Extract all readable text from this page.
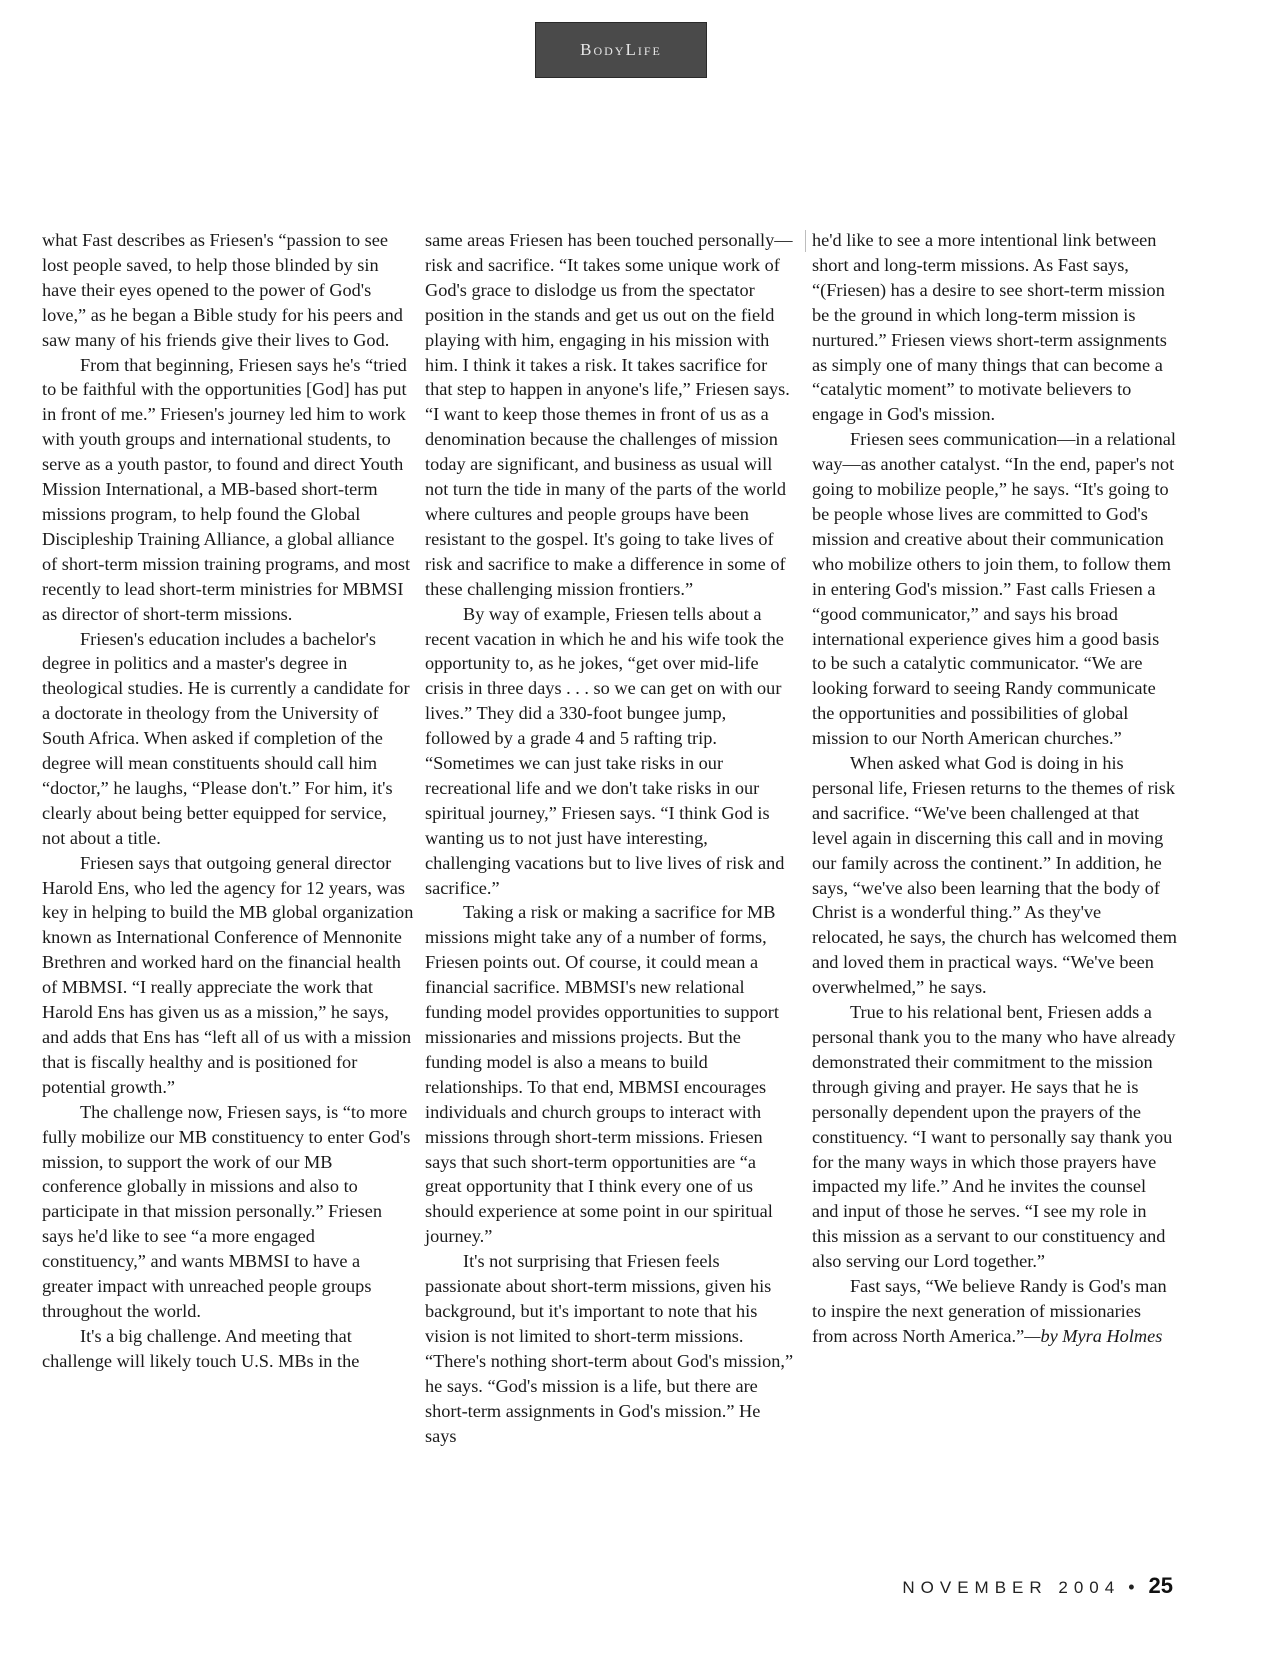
BodyLife

what Fast describes as Friesen's “passion to see lost people saved, to help those blinded by sin have their eyes opened to the power of God's love,” as he began a Bible study for his peers and saw many of his friends give their lives to God.

From that beginning, Friesen says he's “tried to be faithful with the opportunities [God] has put in front of me.” Friesen's journey led him to work with youth groups and international students, to serve as a youth pastor, to found and direct Youth Mission International, a MB-based short-term missions program, to help found the Global Discipleship Training Alliance, a global alliance of short-term mission training programs, and most recently to lead short-term ministries for MBMSI as director of short-term missions.

Friesen's education includes a bachelor's degree in politics and a master's degree in theological studies. He is currently a candidate for a doctorate in theology from the University of South Africa. When asked if completion of the degree will mean constituents should call him “doctor,” he laughs, “Please don't.” For him, it's clearly about being better equipped for service, not about a title.

Friesen says that outgoing general director Harold Ens, who led the agency for 12 years, was key in helping to build the MB global organization known as International Conference of Mennonite Brethren and worked hard on the financial health of MBMSI. “I really appreciate the work that Harold Ens has given us as a mission,” he says, and adds that Ens has “left all of us with a mission that is fiscally healthy and is positioned for potential growth.”

The challenge now, Friesen says, is “to more fully mobilize our MB constituency to enter God's mission, to support the work of our MB conference globally in missions and also to participate in that mission personally.” Friesen says he'd like to see “a more engaged constituency,” and wants MBMSI to have a greater impact with unreached people groups throughout the world.

It's a big challenge. And meeting that challenge will likely touch U.S. MBs in the

same areas Friesen has been touched personally—risk and sacrifice. “It takes some unique work of God's grace to dislodge us from the spectator position in the stands and get us out on the field playing with him, engaging in his mission with him. I think it takes a risk. It takes sacrifice for that step to happen in anyone's life,” Friesen says. “I want to keep those themes in front of us as a denomination because the challenges of mission today are significant, and business as usual will not turn the tide in many of the parts of the world where cultures and people groups have been resistant to the gospel. It's going to take lives of risk and sacrifice to make a difference in some of these challenging mission frontiers.”

By way of example, Friesen tells about a recent vacation in which he and his wife took the opportunity to, as he jokes, “get over mid-life crisis in three days . . . so we can get on with our lives.” They did a 330-foot bungee jump, followed by a grade 4 and 5 rafting trip. “Sometimes we can just take risks in our recreational life and we don't take risks in our spiritual journey,” Friesen says. “I think God is wanting us to not just have interesting, challenging vacations but to live lives of risk and sacrifice.”

Taking a risk or making a sacrifice for MB missions might take any of a number of forms, Friesen points out. Of course, it could mean a financial sacrifice. MBMSI's new relational funding model provides opportunities to support missionaries and missions projects. But the funding model is also a means to build relationships. To that end, MBMSI encourages individuals and church groups to interact with missions through short-term missions. Friesen says that such short-term opportunities are “a great opportunity that I think every one of us should experience at some point in our spiritual journey.”

It's not surprising that Friesen feels passionate about short-term missions, given his background, but it's important to note that his vision is not limited to short-term missions. “There's nothing short-term about God's mission,” he says. “God's mission is a life, but there are short-term assignments in God's mission.” He says

he'd like to see a more intentional link between short and long-term missions. As Fast says, “(Friesen) has a desire to see short-term mission be the ground in which long-term mission is nurtured.” Friesen views short-term assignments as simply one of many things that can become a “catalytic moment” to motivate believers to engage in God's mission.

Friesen sees communication—in a relational way—as another catalyst. “In the end, paper's not going to mobilize people,” he says. “It's going to be people whose lives are committed to God's mission and creative about their communication who mobilize others to join them, to follow them in entering God's mission.” Fast calls Friesen a “good communicator,” and says his broad international experience gives him a good basis to be such a catalytic communicator. “We are looking forward to seeing Randy communicate the opportunities and possibilities of global mission to our North American churches.”

When asked what God is doing in his personal life, Friesen returns to the themes of risk and sacrifice. “We've been challenged at that level again in discerning this call and in moving our family across the continent.” In addition, he says, “we've also been learning that the body of Christ is a wonderful thing.” As they've relocated, he says, the church has welcomed them and loved them in practical ways. “We've been overwhelmed,” he says.

True to his relational bent, Friesen adds a personal thank you to the many who have already demonstrated their commitment to the mission through giving and prayer. He says that he is personally dependent upon the prayers of the constituency. “I want to personally say thank you for the many ways in which those prayers have impacted my life.” And he invites the counsel and input of those he serves. “I see my role in this mission as a servant to our constituency and also serving our Lord together.”

Fast says, “We believe Randy is God's man to inspire the next generation of missionaries from across North America.”—by Myra Holmes

NOVEMBER 2004 • 25
